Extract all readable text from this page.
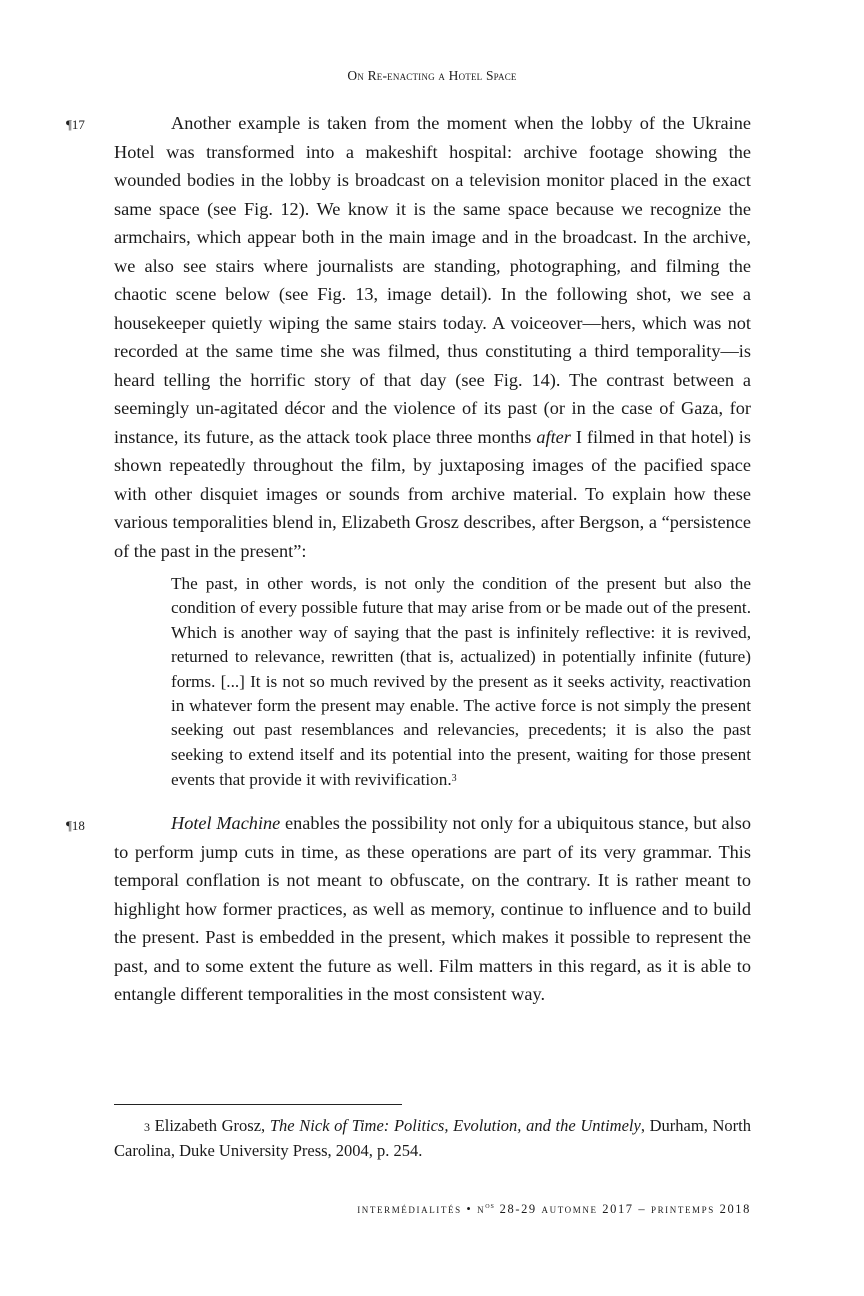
On Re-enacting a Hotel Space
¶17	Another example is taken from the moment when the lobby of the Ukraine Hotel was transformed into a makeshift hospital: archive footage showing the wounded bodies in the lobby is broadcast on a television monitor placed in the exact same space (see Fig. 12). We know it is the same space because we recognize the armchairs, which appear both in the main image and in the broadcast. In the archive, we also see stairs where journalists are standing, photographing, and filming the chaotic scene below (see Fig. 13, image detail). In the following shot, we see a housekeeper quietly wiping the same stairs today. A voiceover—hers, which was not recorded at the same time she was filmed, thus constituting a third temporality—is heard telling the horrific story of that day (see Fig. 14). The contrast between a seemingly un-agitated décor and the violence of its past (or in the case of Gaza, for instance, its future, as the attack took place three months after I filmed in that hotel) is shown repeatedly throughout the film, by juxtaposing images of the pacified space with other disquiet images or sounds from archive material. To explain how these various temporalities blend in, Elizabeth Grosz describes, after Bergson, a “persistence of the past in the present”:

The past, in other words, is not only the condition of the present but also the condition of every possible future that may arise from or be made out of the present. Which is another way of saying that the past is infinitely reflective: it is revived, returned to relevance, rewritten (that is, actualized) in potentially infinite (future) forms. [...] It is not so much revived by the present as it seeks activity, reactivation in whatever form the present may enable. The active force is not simply the present seeking out past resemblances and relevancies, precedents; it is also the past seeking to extend itself and its potential into the present, waiting for those present events that provide it with revivification.$^3$

¶18	Hotel Machine enables the possibility not only for a ubiquitous stance, but also to perform jump cuts in time, as these operations are part of its very grammar. This temporal conflation is not meant to obfuscate, on the contrary. It is rather meant to highlight how former practices, as well as memory, continue to influence and to build the present. Past is embedded in the present, which makes it possible to represent the past, and to some extent the future as well. Film matters in this regard, as it is able to entangle different temporalities in the most consistent way.

3 Elizabeth Grosz, The Nick of Time: Politics, Evolution, and the Untimely, Durham, North Carolina, Duke University Press, 2004, p. 254.

intermédialités • $n^{os}$ 28-29 automne 2017 – printemps 2018
